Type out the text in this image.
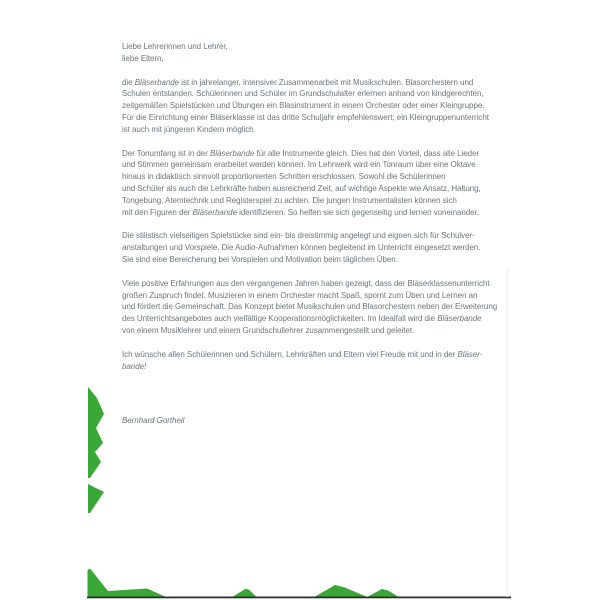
Liebe Lehrerinnen und Lehrer,
liebe Eltern,
die Bläserbande ist in jahrelanger, intensiver Zusammenarbeit mit Musikschulen, Blasorchestern und
Schulen entstanden. Schülerinnen und Schüler im Grundschulalter erlernen anhand von kindgerechten,
zeitgemäßen Spielstücken und Übungen ein Blasinstrument in einem Orchester oder einer Kleingruppe.
Für die Einrichtung einer Bläserklasse ist das dritte Schuljahr empfehlenswert; ein Kleingruppenunterricht
ist auch mit jüngeren Kindern möglich.
Der Tonumfang ist in der Bläserbande für alle Instrumente gleich. Dies hat den Vorteil, dass alle Lieder
und Stimmen gemeinsam erarbeitet werden können. Im Lehrwerk wird ein Tonraum über eine Oktave
hinaus in didaktisch sinnvoll proportionierten Schritten erschlossen. Sowohl die Schülerinnen
und Schüler als auch die Lehrkräfte haben ausreichend Zeit, auf wichtige Aspekte wie Ansatz, Haltung,
Tongebung, Atemtechnik und Registerspiel zu achten. Die jungen Instrumentalisten können sich
mit den Figuren der Bläserbande identifizieren. So helfen sie sich gegenseitig und lernen voneinander.
Die stilistisch vielseitigen Spielstücke sind ein- bis dreistimmig angelegt und eignen sich für Schulver-
anstaltungen und Vorspiele. Die Audio-Aufnahmen können begleitend im Unterricht eingesetzt werden.
Sie sind eine Bereicherung bei Vorspielen und Motivation beim täglichen Üben.
Viele positive Erfahrungen aus den vergangenen Jahren haben gezeigt, dass der Bläserklassenunterricht
großen Zuspruch findet. Musizieren in einem Orchester macht Spaß, spornt zum Üben und Lernen an
und fördert die Gemeinschaft. Das Konzept bietet Musikschulen und Blasorchestern neben der Erweiterung
des Unterrichtsangebotes auch vielfältige Kooperationsmöglichkeiten. Im Idealfall wird die Bläserbande
von einem Musiklehrer und einem Grundschullehrer zusammengestellt und geleitet.
Ich wünsche allen Schülerinnen und Schülern, Lehrkräften und Eltern viel Freude mit und in der Bläser-
bande!
Bernhard Gortheil
